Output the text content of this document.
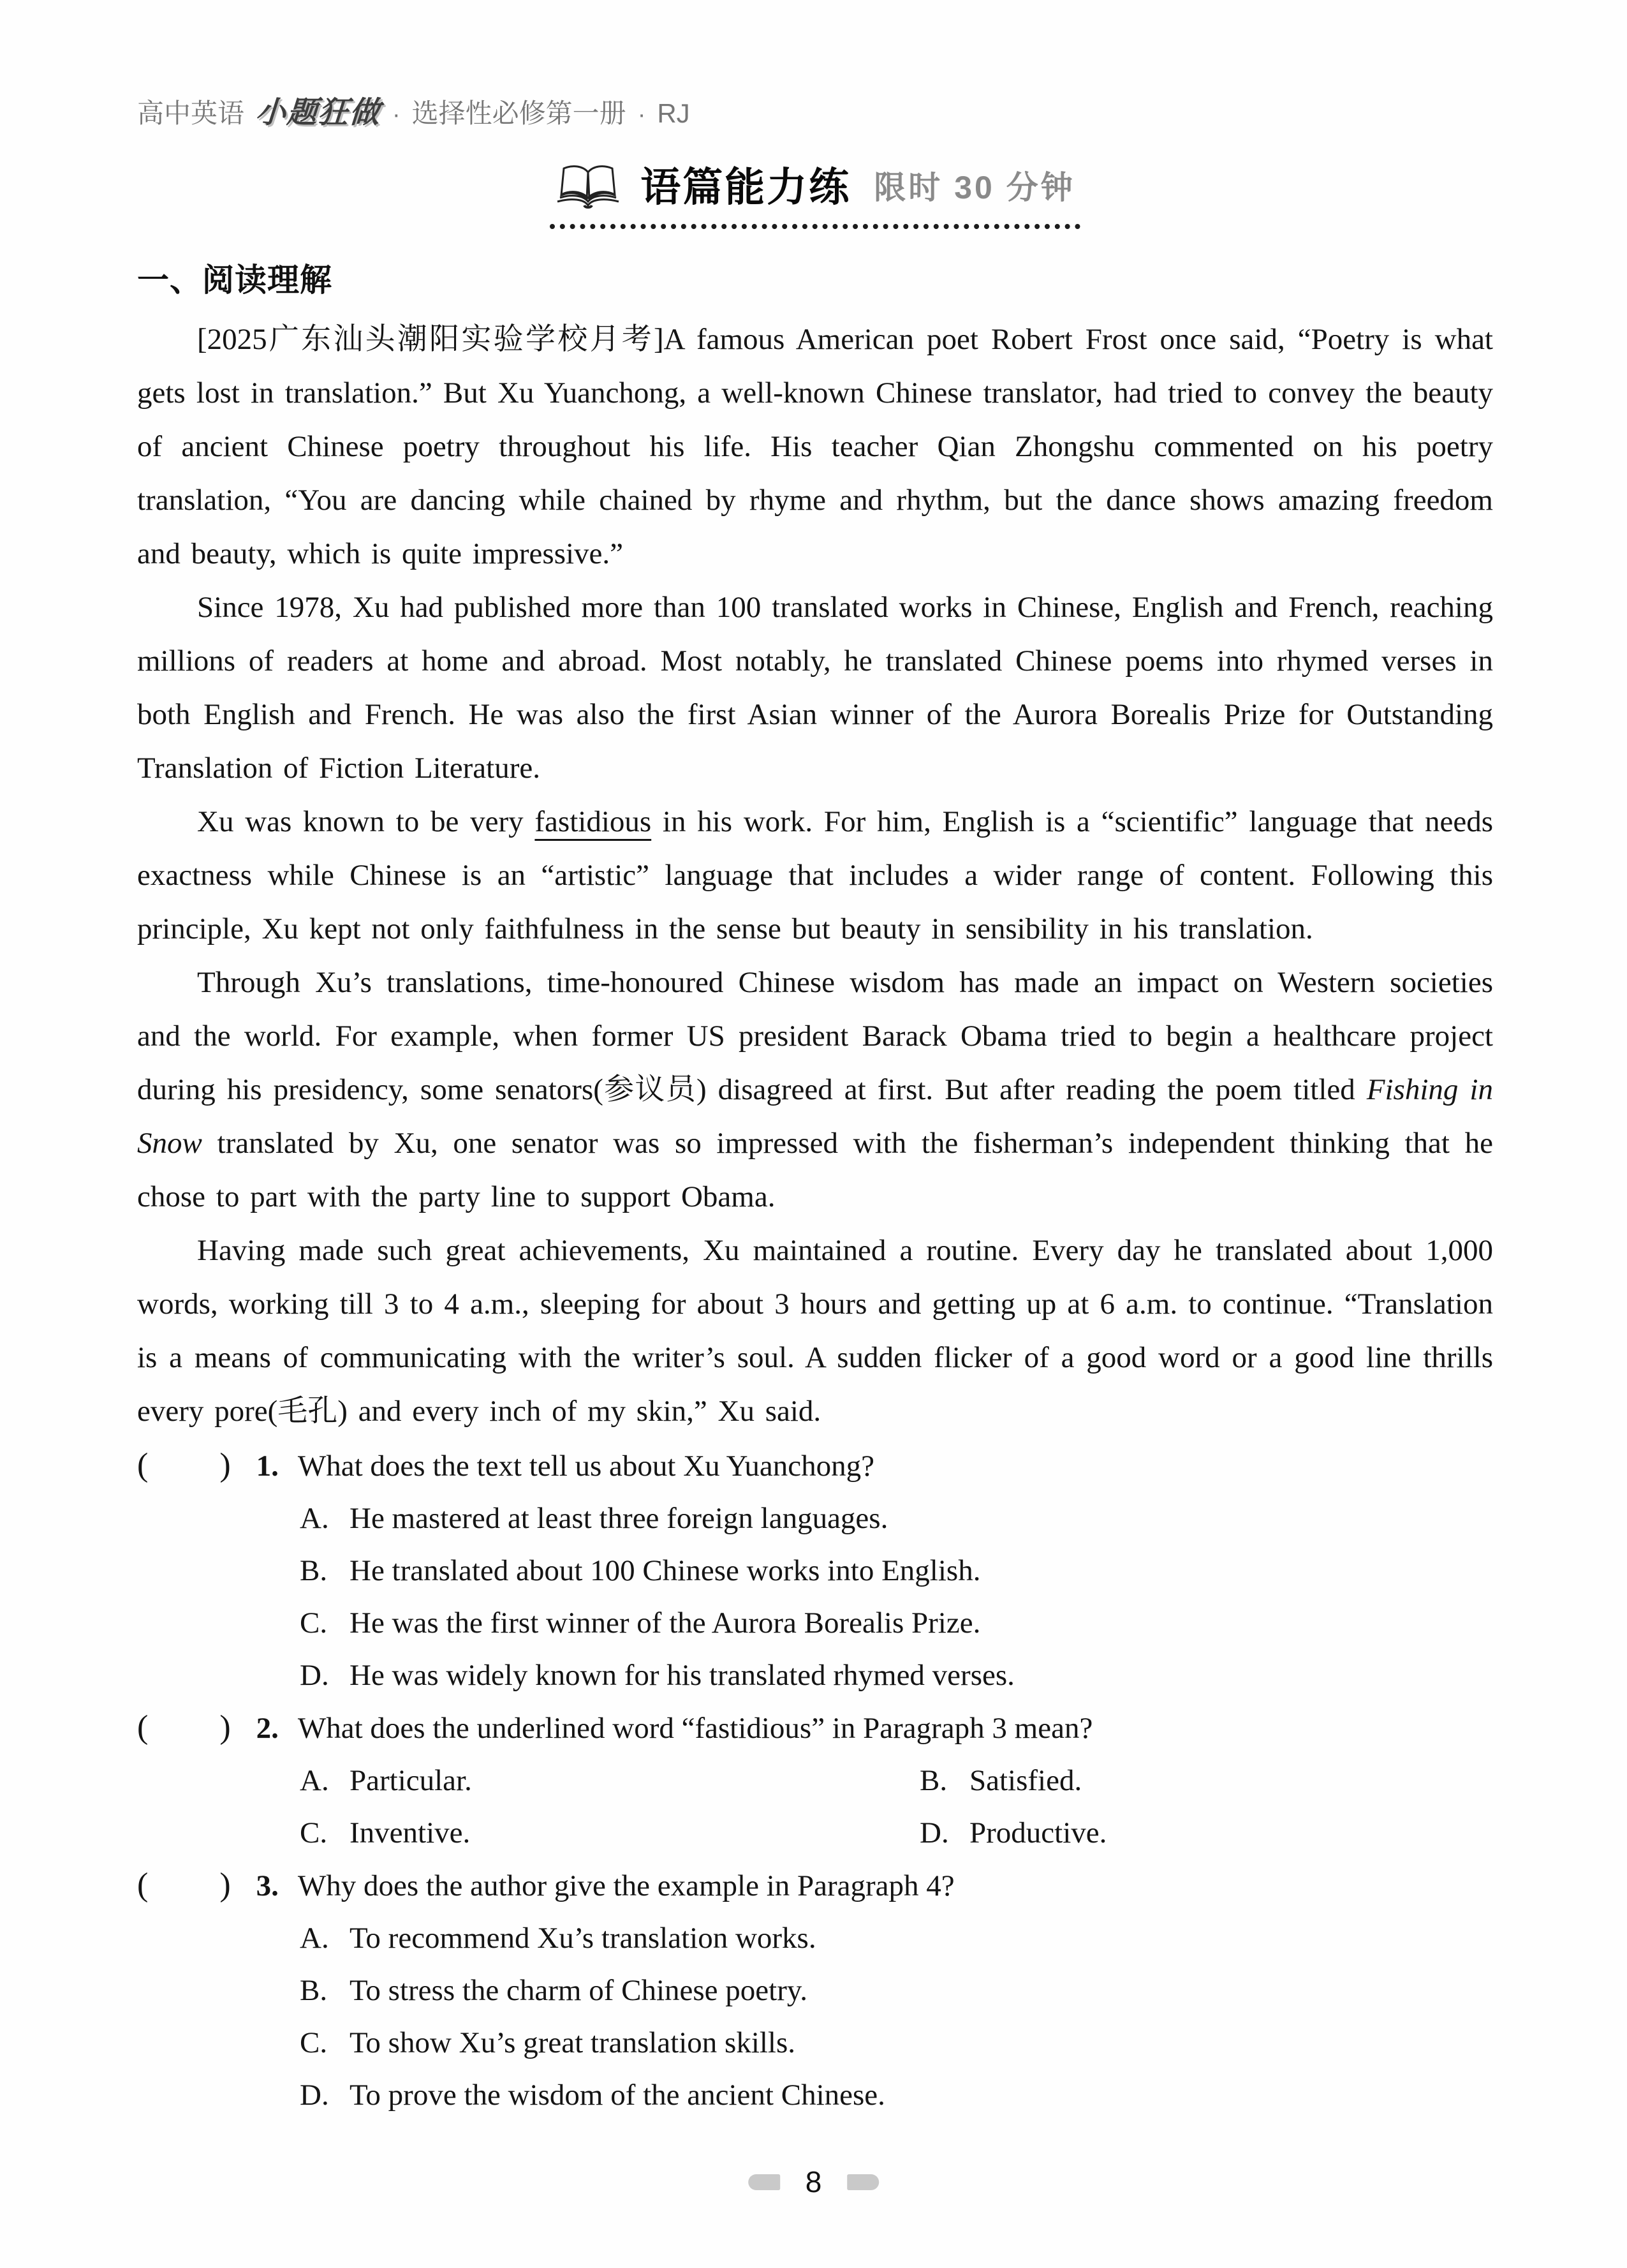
高中英语 小题狂做 · 选择性必修第一册 · RJ
语篇能力练 限时 30 分钟
一、阅读理解

[2025广东汕头潮阳实验学校月考]A famous American poet Robert Frost once said, “Poetry is what gets lost in translation.” But Xu Yuanchong, a well-known Chinese translator, had tried to convey the beauty of ancient Chinese poetry throughout his life. His teacher Qian Zhongshu commented on his poetry translation, “You are dancing while chained by rhyme and rhythm, but the dance shows amazing freedom and beauty, which is quite impressive.”

Since 1978, Xu had published more than 100 translated works in Chinese, English and French, reaching millions of readers at home and abroad. Most notably, he translated Chinese poems into rhymed verses in both English and French. He was also the first Asian winner of the Aurora Borealis Prize for Outstanding Translation of Fiction Literature.

Xu was known to be very fastidious in his work. For him, English is a “scientific” language that needs exactness while Chinese is an “artistic” language that includes a wider range of content. Following this principle, Xu kept not only faithfulness in the sense but beauty in sensibility in his translation.

Through Xu’s translations, time-honoured Chinese wisdom has made an impact on Western societies and the world. For example, when former US president Barack Obama tried to begin a healthcare project during his presidency, some senators(参议员) disagreed at first. But after reading the poem titled Fishing in Snow translated by Xu, one senator was so impressed with the fisherman’s independent thinking that he chose to part with the party line to support Obama.

Having made such great achievements, Xu maintained a routine. Every day he translated about 1,000 words, working till 3 to 4 a.m., sleeping for about 3 hours and getting up at 6 a.m. to continue. “Translation is a means of communicating with the writer’s soul. A sudden flicker of a good word or a good line thrills every pore(毛孔) and every inch of my skin,” Xu said.

( ) 1. What does the text tell us about Xu Yuanchong?
A. He mastered at least three foreign languages.
B. He translated about 100 Chinese works into English.
C. He was the first winner of the Aurora Borealis Prize.
D. He was widely known for his translated rhymed verses.
( ) 2. What does the underlined word “fastidious” in Paragraph 3 mean?
A. Particular.	B. Satisfied.
C. Inventive.	D. Productive.
( ) 3. Why does the author give the example in Paragraph 4?
A. To recommend Xu’s translation works.
B. To stress the charm of Chinese poetry.
C. To show Xu’s great translation skills.
D. To prove the wisdom of the ancient Chinese.
8
